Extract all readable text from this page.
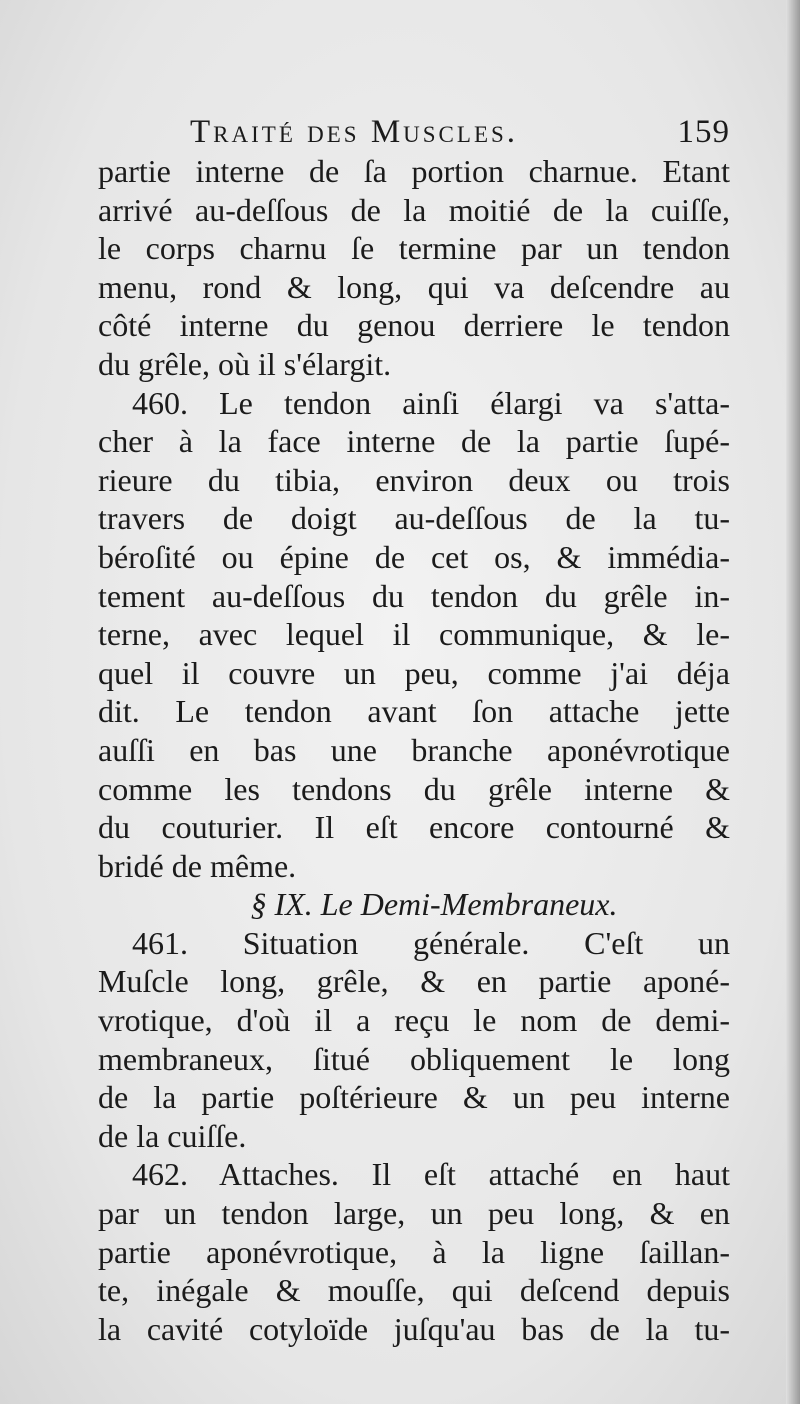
Traité des Muscles.	159
partie interne de ſa portion charnue. Etant
arrivé au-deſſous de la moitié de la cuiſſe,
le corps charnu ſe termine par un tendon
menu, rond & long, qui va deſcendre au
côté interne du genou derriere le tendon
du grêle, où il s'élargit.
460. Le tendon ainſi élargi va s'atta-
cher à la face interne de la partie ſupé-
rieure du tibia, environ deux ou trois
travers de doigt au-deſſous de la tu-
béroſité ou épine de cet os, & immédia-
tement au-deſſous du tendon du grêle in-
terne, avec lequel il communique, & le-
quel il couvre un peu, comme j'ai déja
dit. Le tendon avant ſon attache jette
auſſi en bas une branche aponévrotique
comme les tendons du grêle interne &
du couturier. Il eſt encore contourné &
bridé de même.
§ IX. Le Demi-Membraneux.
461. Situation générale. C'eſt un
Muſcle long, grêle, & en partie aponé-
vrotique, d'où il a reçu le nom de demi-
membraneux, ſitué obliquement le long
de la partie poſtérieure & un peu interne
de la cuiſſe.
462. Attaches. Il eſt attaché en haut
par un tendon large, un peu long, & en
partie aponévrotique, à la ligne ſaillan-
te, inégale & mouſſe, qui deſcend depuis
la cavité cotyloïde juſqu'au bas de la tu-
